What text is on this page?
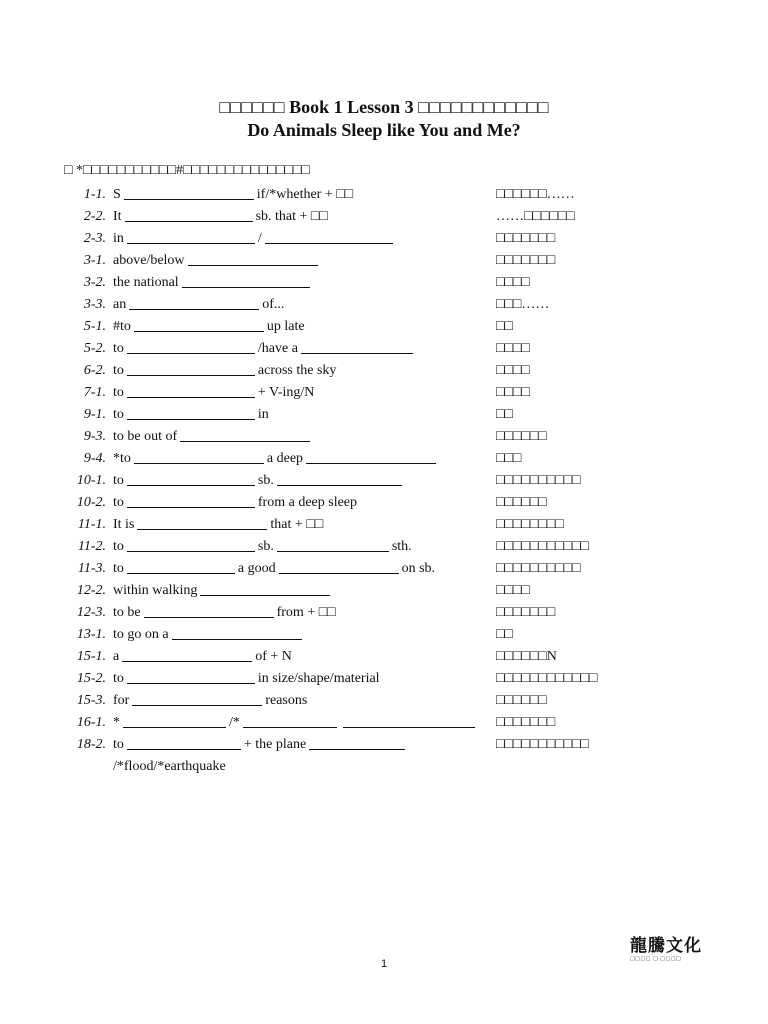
□□□□□□ Book 1 Lesson 3 □□□□□□□□□□□□
Do Animals Sleep like You and Me?
□ *□□□□□□□□□□□#□□□□□□□□□□□□□□□
1-1. S	if/*whether + □□	□□□□□□……
2-2. It	sb. that + □□	……□□□□□□
2-3. in	/	□□□□□□□
3-1. above/below	□□□□□□□
3-2. the national	□□□□
3-3. an	of...	□□□……
5-1. #to	up late	□□
5-2. to	/have a	□□□□
6-2. to	across the sky	□□□□
7-1. to	+ V-ing/N	□□□□
9-1. to	in	□□
9-3. to be out of	□□□□□□
9-4. *to	a deep	□□□
10-1. to	sb.	□□□□□□□□□□
10-2. to	from a deep sleep	□□□□□□
11-1. It is	that + □□	□□□□□□□□
11-2. to	sb.	sth.	□□□□□□□□□□□
11-3. to	a good	on sb.	□□□□□□□□□□
12-2. within walking	□□□□
12-3. to be	from + □□	□□□□□□□
13-1. to go on a	□□
15-1. a	of + N	□□□□□□N
15-2. to	in size/shape/material	□□□□□□□□□□□□
15-3. for	reasons	□□□□□□
16-1. *	/*	□□□□□□□
18-2. to	+ the plane	□□□□□□□□□□□
/*flood/*earthquake
龍騰文化
□□□□ □ □□□□
1
